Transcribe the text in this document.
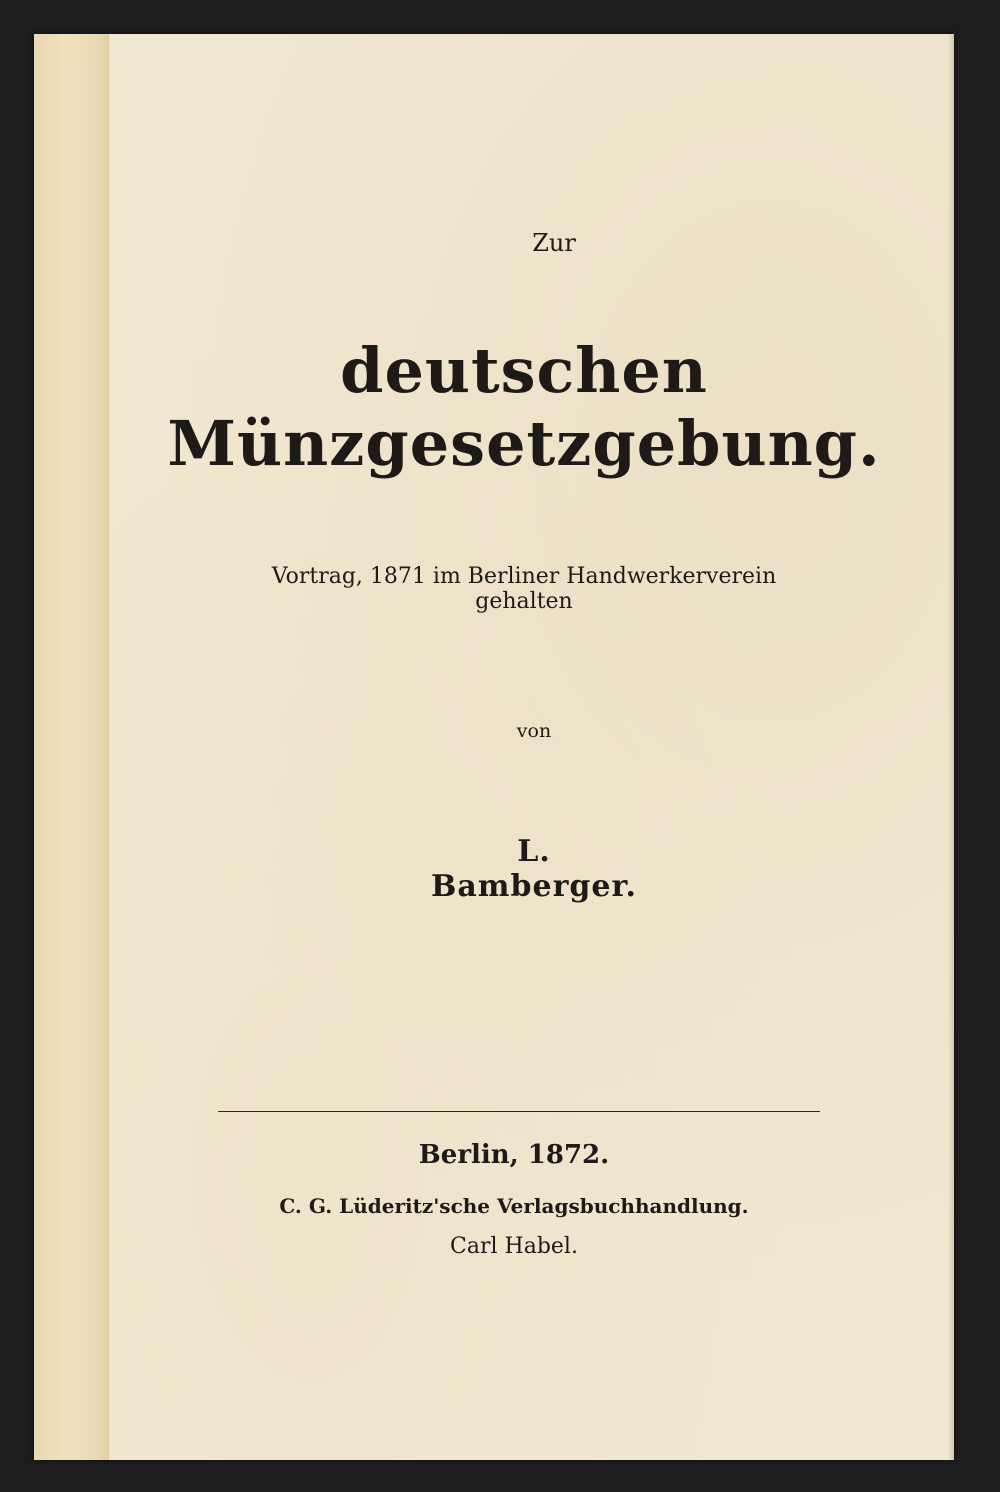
Zur

deutschen Münzgesetzgebung.

Vortrag, 1871 im Berliner Handwerkerverein gehalten

von

L. Bamberger.

Berlin, 1872.

C. G. Lüderitz'sche Verlagsbuchhandlung.

Carl Habel.
